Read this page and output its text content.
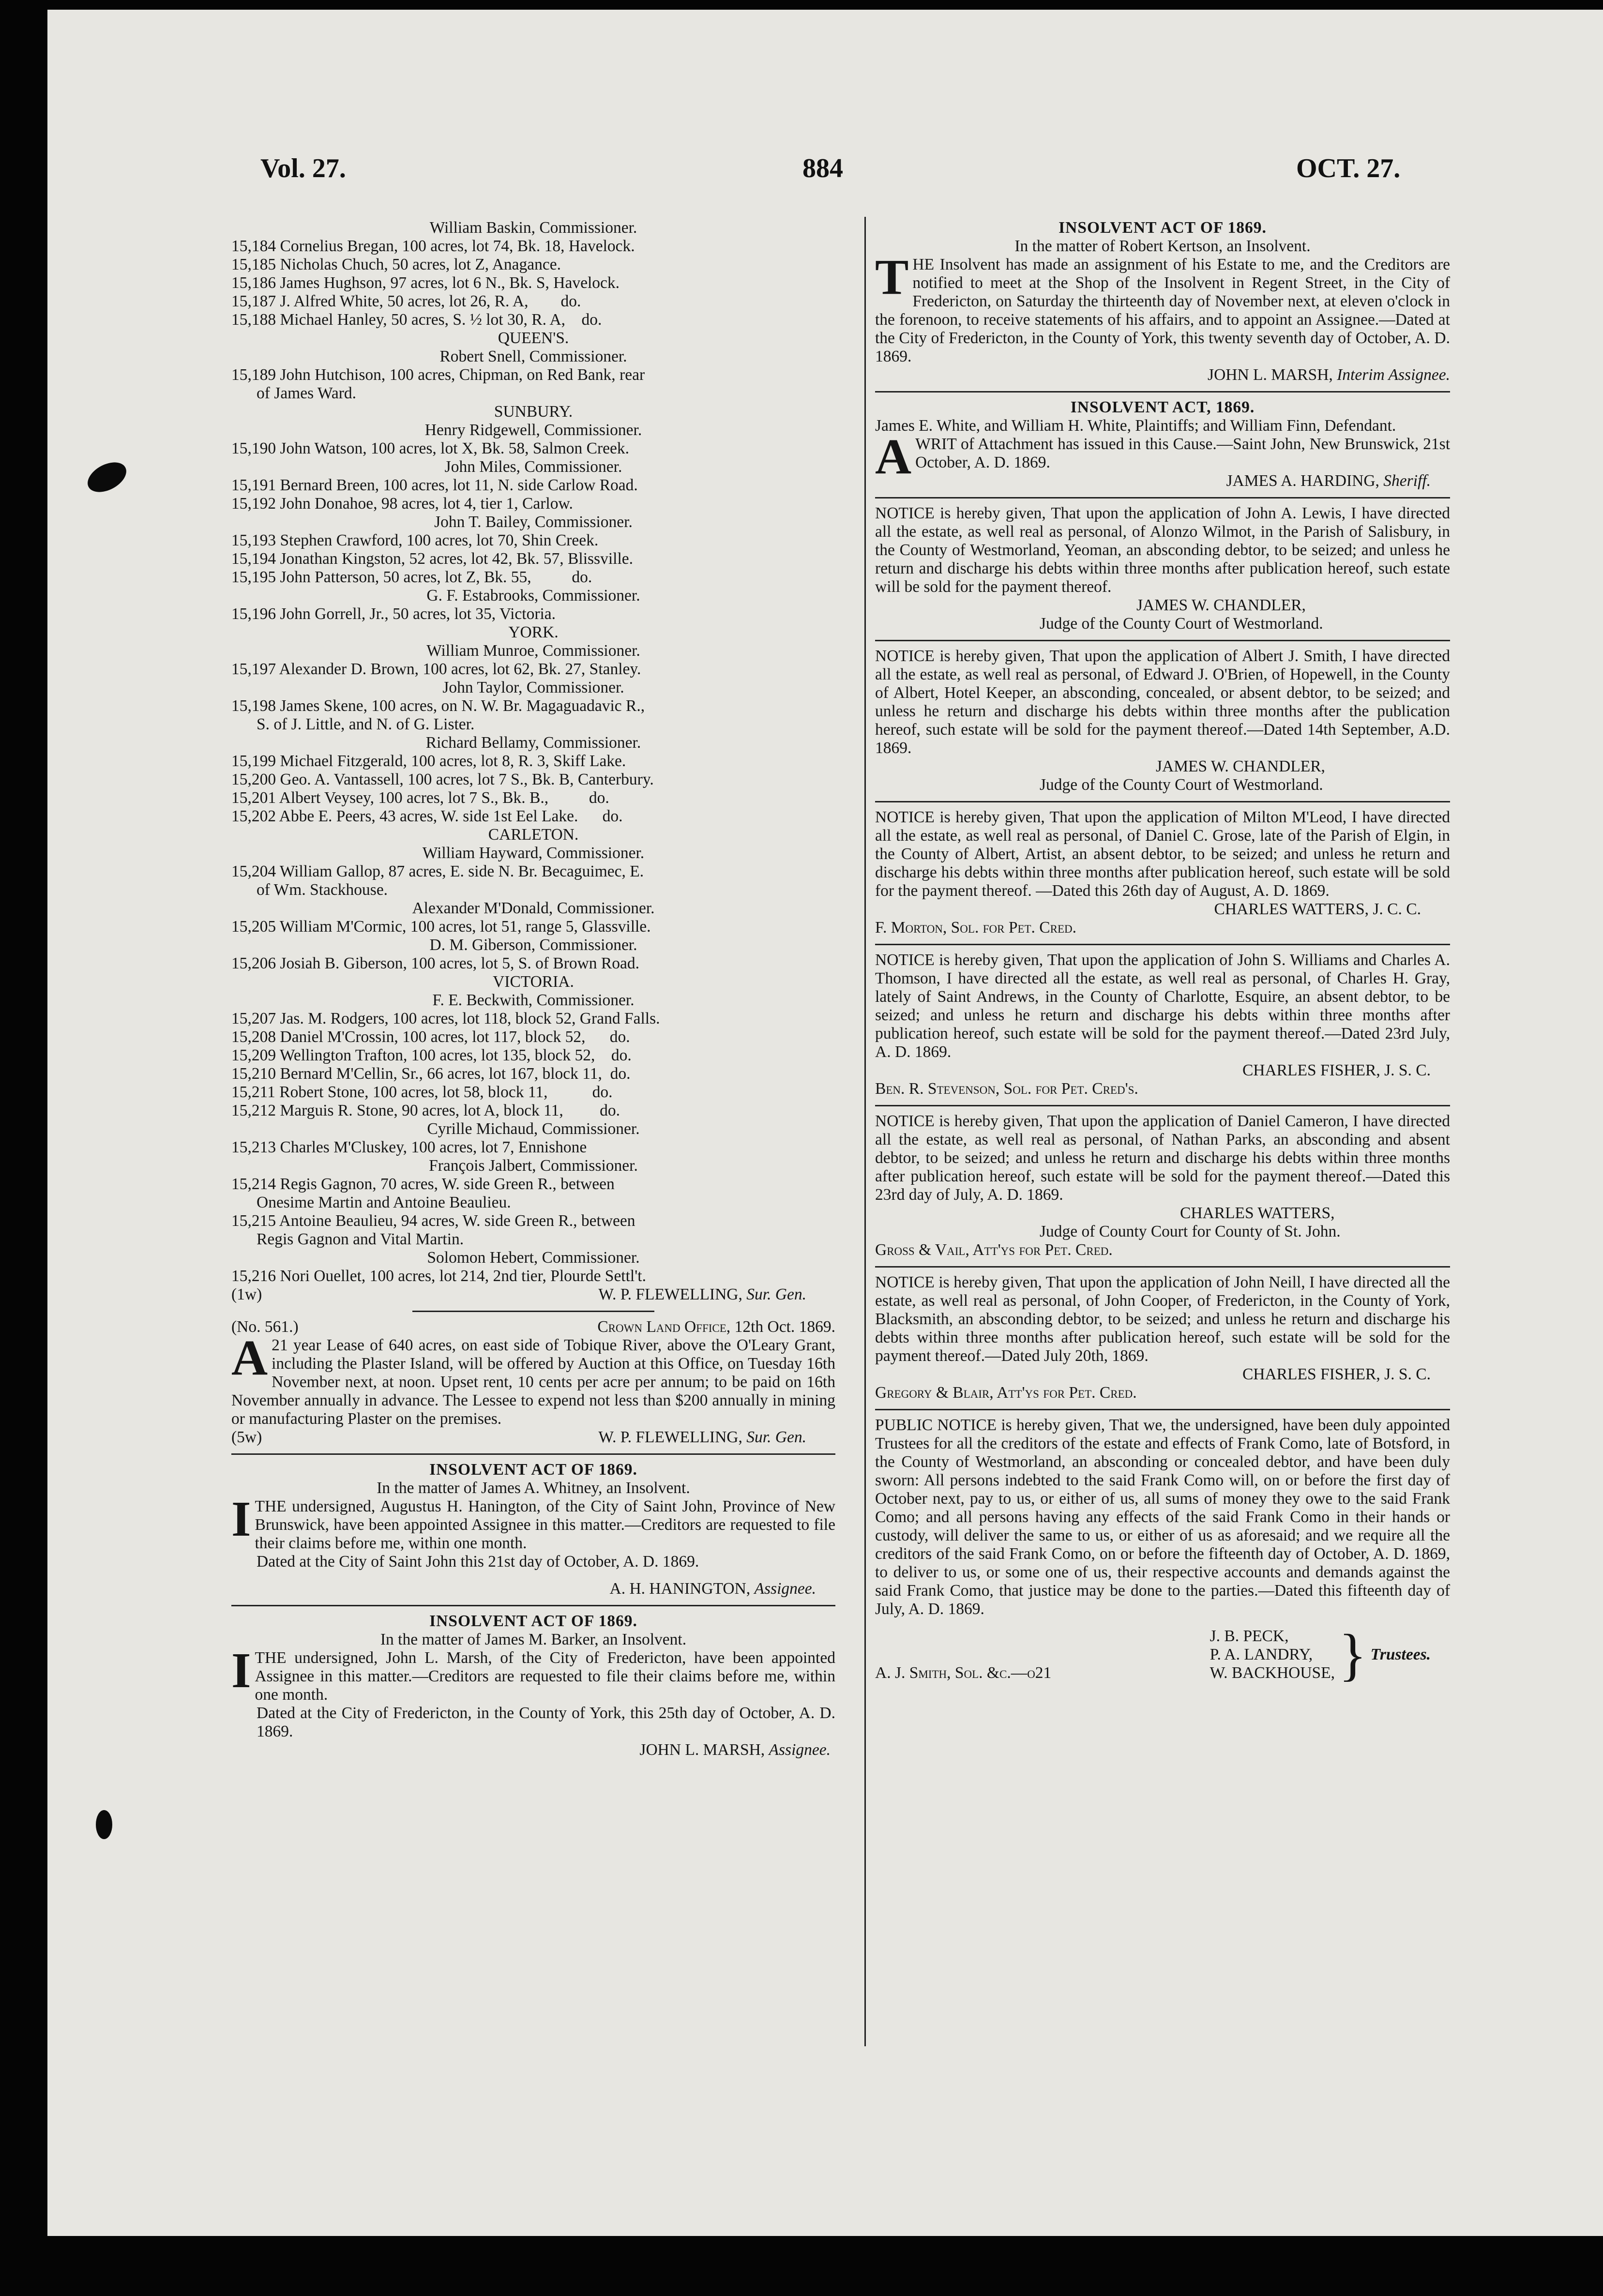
Vol. 27.	884	OCT. 27.
William Baskin, Commissioner.
15,184 Cornelius Bregan, 100 acres, lot 74, Bk. 18, Havelock.
15,185 Nicholas Chuch, 50 acres, lot Z, Anagance.
15,186 James Hughson, 97 acres, lot 6 N., Bk. S, Havelock.
15,187 J. Alfred White, 50 acres, lot 26, R. A,        do.
15,188 Michael Hanley, 50 acres, S. ½ lot 30, R. A,    do.
QUEEN'S.
Robert Snell, Commissioner.
15,189 John Hutchison, 100 acres, Chipman, on Red Bank, rear
of James Ward.
SUNBURY.
Henry Ridgewell, Commissioner.
15,190 John Watson, 100 acres, lot X, Bk. 58, Salmon Creek.
John Miles, Commissioner.
15,191 Bernard Breen, 100 acres, lot 11, N. side Carlow Road.
15,192 John Donahoe, 98 acres, lot 4, tier 1, Carlow.
John T. Bailey, Commissioner.
15,193 Stephen Crawford, 100 acres, lot 70, Shin Creek.
15,194 Jonathan Kingston, 52 acres, lot 42, Bk. 57, Blissville.
15,195 John Patterson, 50 acres, lot Z, Bk. 55,          do.
G. F. Estabrooks, Commissioner.
15,196 John Gorrell, Jr., 50 acres, lot 35, Victoria.
YORK.
William Munroe, Commissioner.
15,197 Alexander D. Brown, 100 acres, lot 62, Bk. 27, Stanley.
John Taylor, Commissioner.
15,198 James Skene, 100 acres, on N. W. Br. Magaguadavic R.,
S. of J. Little, and N. of G. Lister.
Richard Bellamy, Commissioner.
15,199 Michael Fitzgerald, 100 acres, lot 8, R. 3, Skiff Lake.
15,200 Geo. A. Vantassell, 100 acres, lot 7 S., Bk. B, Canterbury.
15,201 Albert Veysey, 100 acres, lot 7 S., Bk. B.,          do.
15,202 Abbe E. Peers, 43 acres, W. side 1st Eel Lake.      do.
CARLETON.
William Hayward, Commissioner.
15,204 William Gallop, 87 acres, E. side N. Br. Becaguimec, E.
of Wm. Stackhouse.
Alexander M'Donald, Commissioner.
15,205 William M'Cormic, 100 acres, lot 51, range 5, Glassville.
D. M. Giberson, Commissioner.
15,206 Josiah B. Giberson, 100 acres, lot 5, S. of Brown Road.
VICTORIA.
F. E. Beckwith, Commissioner.
15,207 Jas. M. Rodgers, 100 acres, lot 118, block 52, Grand Falls.
15,208 Daniel M'Crossin, 100 acres, lot 117, block 52,      do.
15,209 Wellington Trafton, 100 acres, lot 135, block 52,    do.
15,210 Bernard M'Cellin, Sr., 66 acres, lot 167, block 11,  do.
15,211 Robert Stone, 100 acres, lot 58, block 11,           do.
15,212 Marguis R. Stone, 90 acres, lot A, block 11,         do.
Cyrille Michaud, Commissioner.
15,213 Charles M'Cluskey, 100 acres, lot 7, Ennishone
François Jalbert, Commissioner.
15,214 Regis Gagnon, 70 acres, W. side Green R., between
Onesime Martin and Antoine Beaulieu.
15,215 Antoine Beaulieu, 94 acres, W. side Green R., between
Regis Gagnon and Vital Martin.
Solomon Hebert, Commissioner.
15,216 Nori Ouellet, 100 acres, lot 214, 2nd tier, Plourde Settl't.
(1w)	W. P. FLEWELLING, Sur. Gen.
(No. 561.)	Crown Land Office, 12th Oct. 1869.
A21 year Lease of 640 acres, on east side of Tobique River, above the O'Leary Grant, including the Plaster Island, will be offered by Auction at this Office, on Tuesday 16th November next, at noon. Upset rent, 10 cents per acre per annum; to be paid on 16th November annually in advance. The Lessee to expend not less than $200 annually in mining or manufacturing Plaster on the premises.
(5w)	W. P. FLEWELLING, Sur. Gen.
INSOLVENT ACT OF 1869.
In the matter of James A. Whitney, an Insolvent.
ITHE undersigned, Augustus H. Hanington, of the City of Saint John, Province of New Brunswick, have been appointed Assignee in this matter.—Creditors are requested to file their claims before me, within one month.
Dated at the City of Saint John this 21st day of October, A. D. 1869.
A. H. HANINGTON, Assignee.
INSOLVENT ACT OF 1869.
In the matter of James M. Barker, an Insolvent.
ITHE undersigned, John L. Marsh, of the City of Fredericton, have been appointed Assignee in this matter.—Creditors are requested to file their claims before me, within one month.
Dated at the City of Fredericton, in the County of York, this 25th day of October, A. D. 1869.
JOHN L. MARSH, Assignee.
INSOLVENT ACT OF 1869.
In the matter of Robert Kertson, an Insolvent.
THE Insolvent has made an assignment of his Estate to me, and the Creditors are notified to meet at the Shop of the Insolvent in Regent Street, in the City of Fredericton, on Saturday the thirteenth day of November next, at eleven o'clock in the forenoon, to receive statements of his affairs, and to appoint an Assignee.—Dated at the City of Fredericton, in the County of York, this twenty seventh day of October, A. D. 1869.
JOHN L. MARSH, Interim Assignee.
INSOLVENT ACT, 1869.
James E. White, and William H. White, Plaintiffs; and William Finn, Defendant.
AWRIT of Attachment has issued in this Cause.—Saint John, New Brunswick, 21st October, A. D. 1869.
JAMES A. HARDING, Sheriff.
NOTICE is hereby given, That upon the application of John A. Lewis, I have directed all the estate, as well real as personal, of Alonzo Wilmot, in the Parish of Salisbury, in the County of Westmorland, Yeoman, an absconding debtor, to be seized; and unless he return and discharge his debts within three months after publication hereof, such estate will be sold for the payment thereof.
JAMES W. CHANDLER,
Judge of the County Court of Westmorland.
NOTICE is hereby given, That upon the application of Albert J. Smith, I have directed all the estate, as well real as personal, of Edward J. O'Brien, of Hopewell, in the County of Albert, Hotel Keeper, an absconding, concealed, or absent debtor, to be seized; and unless he return and discharge his debts within three months after the publication hereof, such estate will be sold for the payment thereof.—Dated 14th September, A.D. 1869.
JAMES W. CHANDLER,
Judge of the County Court of Westmorland.
NOTICE is hereby given, That upon the application of Milton M'Leod, I have directed all the estate, as well real as personal, of Daniel C. Grose, late of the Parish of Elgin, in the County of Albert, Artist, an absent debtor, to be seized; and unless he return and discharge his debts within three months after publication hereof, such estate will be sold for the payment thereof. —Dated this 26th day of August, A. D. 1869.
CHARLES WATTERS, J. C. C.
F. Morton, Sol. for Pet. Cred.
NOTICE is hereby given, That upon the application of John S. Williams and Charles A. Thomson, I have directed all the estate, as well real as personal, of Charles H. Gray, lately of Saint Andrews, in the County of Charlotte, Esquire, an absent debtor, to be seized; and unless he return and discharge his debts within three months after publication hereof, such estate will be sold for the payment thereof.—Dated 23rd July, A. D. 1869.
CHARLES FISHER, J. S. C.
Ben. R. Stevenson, Sol. for Pet. Cred's.
NOTICE is hereby given, That upon the application of Daniel Cameron, I have directed all the estate, as well real as personal, of Nathan Parks, an absconding and absent debtor, to be seized; and unless he return and discharge his debts within three months after publication hereof, such estate will be sold for the payment thereof.—Dated this 23rd day of July, A. D. 1869.
CHARLES WATTERS,
Judge of County Court for County of St. John.
Gross & Vail, Att'ys for Pet. Cred.
NOTICE is hereby given, That upon the application of John Neill, I have directed all the estate, as well real as personal, of John Cooper, of Fredericton, in the County of York, Blacksmith, an absconding debtor, to be seized; and unless he return and discharge his debts within three months after publication hereof, such estate will be sold for the payment thereof.—Dated July 20th, 1869.
CHARLES FISHER, J. S. C.
Gregory & Blair, Att'ys for Pet. Cred.
PUBLIC NOTICE is hereby given, That we, the undersigned, have been duly appointed Trustees for all the creditors of the estate and effects of Frank Como, late of Botsford, in the County of Westmorland, an absconding or concealed debtor, and have been duly sworn: All persons indebted to the said Frank Como will, on or before the first day of October next, pay to us, or either of us, all sums of money they owe to the said Frank Como; and all persons having any effects of the said Frank Como in their hands or custody, will deliver the same to us, or either of us as aforesaid; and we require all the creditors of the said Frank Como, on or before the fifteenth day of October, A. D. 1869, to deliver to us, or some one of us, their respective accounts and demands against the said Frank Como, that justice may be done to the parties.—Dated this fifteenth day of July, A. D. 1869.
A. J. Smith, Sol. &c.—o21
J. B. PECK,
P. A. LANDRY,
W. BACKHOUSE, } Trustees.
